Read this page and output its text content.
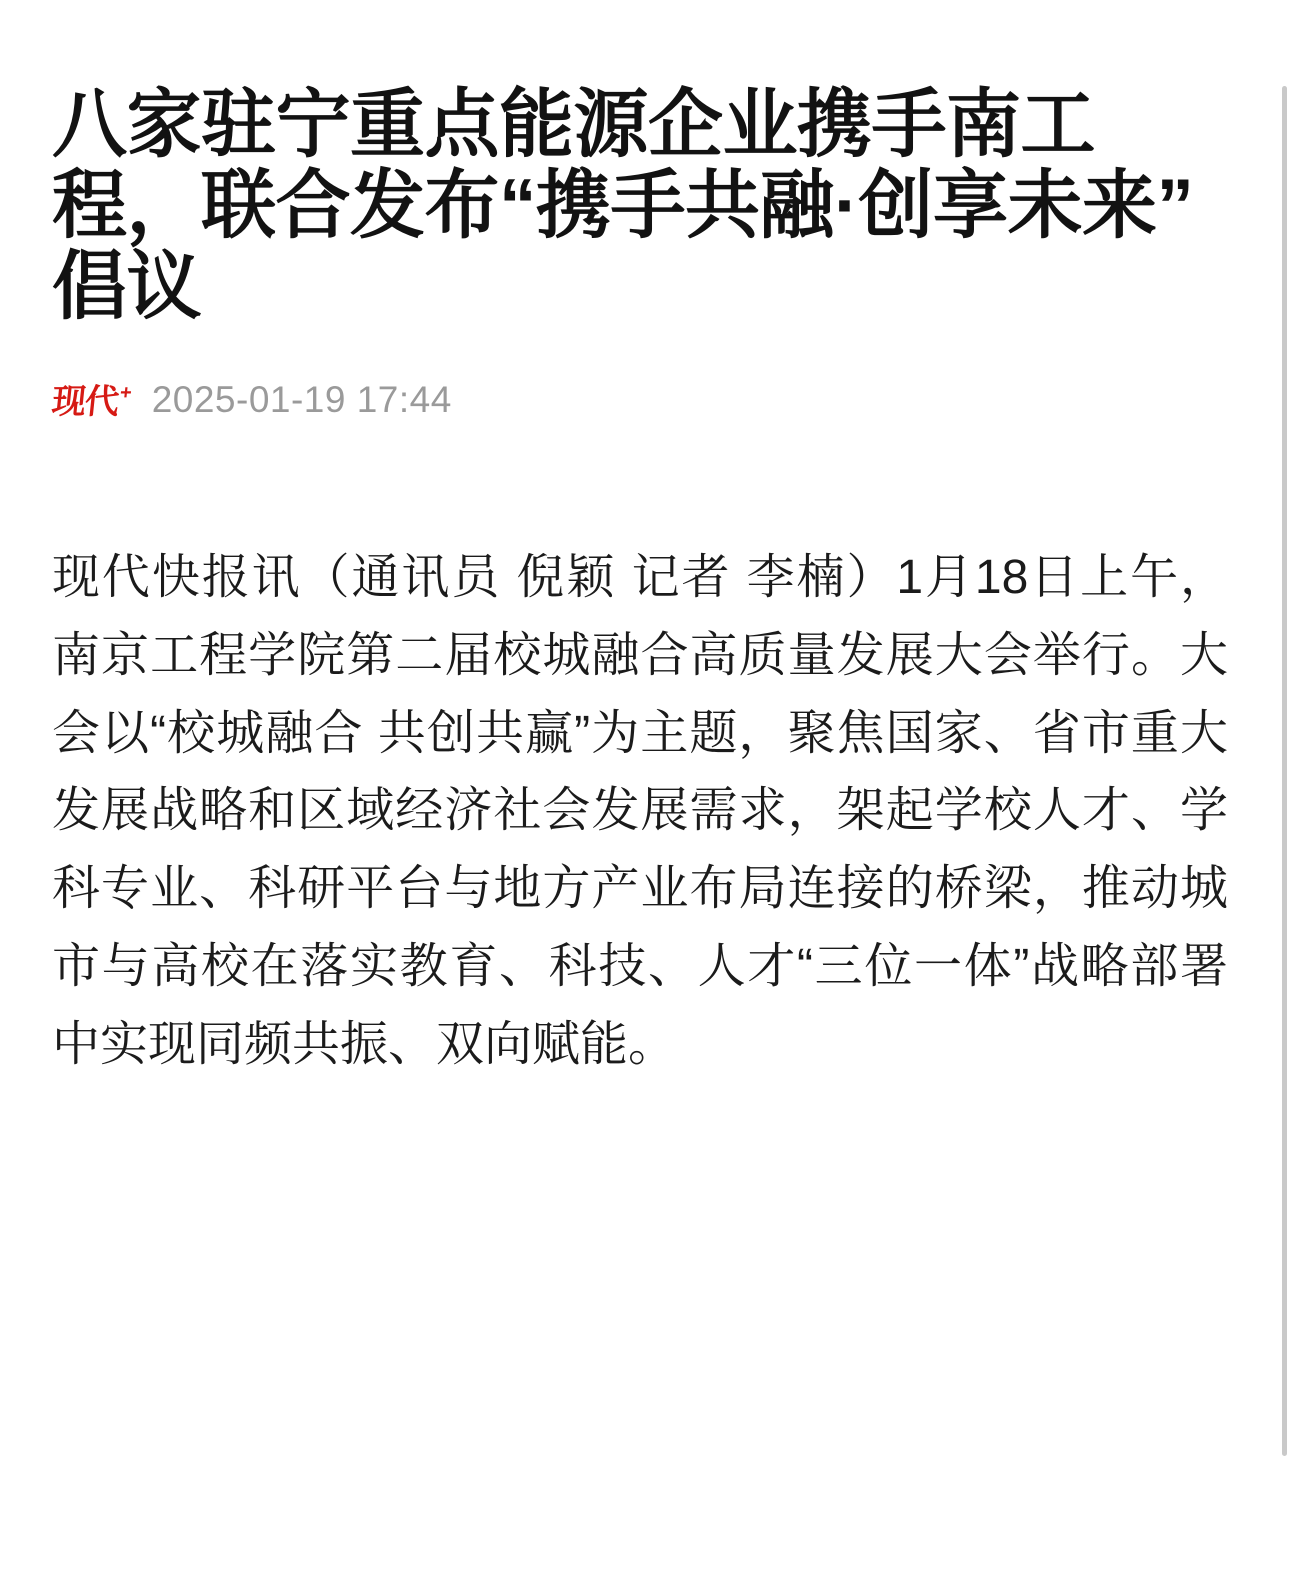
八家驻宁重点能源企业携手南工程，联合发布“携手共融·创享未来”倡议
现代
+ 2025-01-19 17:44

现代快报讯（通讯员 倪颖 记者 李楠）1月18日上午，南京工程学院第二届校城融合高质量发展大会举行。大会以“校城融合 共创共赢”为主题，聚焦国家、省市重大发展战略和区域经济社会发展需求，架起学校人才、学科专业、科研平台与地方产业布局连接的桥梁，推动城市与高校在落实教育、科技、人才“三位一体”战略部署中实现同频共振、双向赋能。
